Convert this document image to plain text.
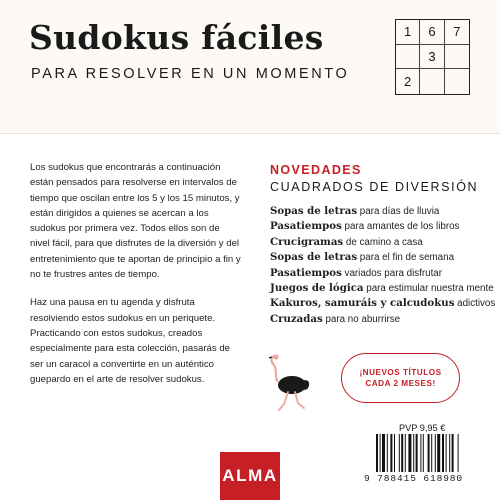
Sudokus fáciles
PARA RESOLVER EN UN MOMENTO
1	6	7
3
2

Los sudokus que encontrarás a continuación están pensados para resolverse en intervalos de tiempo que oscilan entre los 5 y los 15 minutos, y están dirigidos a quienes se acercan a los sudokus por primera vez. Todos ellos son de nivel fácil, para que disfrutes de la diversión y del entretenimiento que te aportan de principio a fin y no te frustres antes de tiempo.

Haz una pausa en tu agenda y disfruta resolviendo estos sudokus en un periquete. Practicando con estos sudokus, creados especialmente para esta colección, pasarás de ser un caracol a convertirte en un auténtico guepardo en el arte de resolver sudokus.

NOVEDADES
CUADRADOS DE DIVERSIÓN
Sopas de letras para días de lluvia
Pasatiempos para amantes de los libros
Crucigramas de camino a casa
Sopas de letras para el fin de semana
Pasatiempos variados para disfrutar
Juegos de lógica para estimular nuestra mente
Kakuros, samuráis y calcudokus adictivos
Cruzadas para no aburrirse
¡NUEVOS TÍTULOS
CADA 2 MESES!
PVP 9,95 €
9 788415 618980
ALMA
